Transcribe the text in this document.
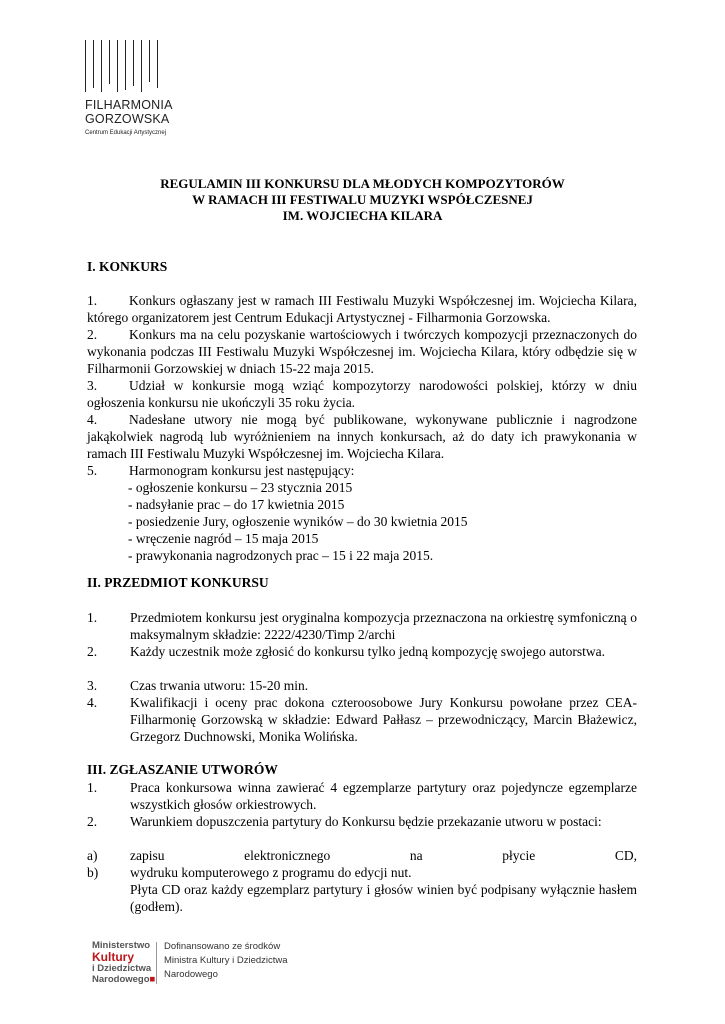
FILHARMONIA
GORZOWSKA
Centrum Edukacji Artystycznej
REGULAMIN III KONKURSU DLA MŁODYCH KOMPOZYTORÓW
W RAMACH III FESTIWALU MUZYKI WSPÓŁCZESNEJ
IM. WOJCIECHA KILARA
I. KONKURS
1. Konkurs ogłaszany jest w ramach III Festiwalu Muzyki Współczesnej im. Wojciecha Kilara, którego organizatorem jest Centrum Edukacji Artystycznej - Filharmonia Gorzowska.
2. Konkurs ma na celu pozyskanie wartościowych i twórczych kompozycji przeznaczonych do wykonania podczas III Festiwalu Muzyki Współczesnej im. Wojciecha Kilara, który odbędzie się w Filharmonii Gorzowskiej w dniach 15-22 maja 2015.
3. Udział w konkursie mogą wziąć kompozytorzy narodowości polskiej, którzy w dniu ogłoszenia konkursu nie ukończyli 35 roku życia.
4. Nadesłane utwory nie mogą być publikowane, wykonywane publicznie i nagrodzone jakąkolwiek nagrodą lub wyróżnieniem na innych konkursach, aż do daty ich prawykonania w ramach III Festiwalu Muzyki Współczesnej im. Wojciecha Kilara.
5. Harmonogram konkursu jest następujący:
- ogłoszenie konkursu – 23 stycznia 2015
- nadsyłanie prac – do 17 kwietnia 2015
- posiedzenie Jury, ogłoszenie wyników – do 30 kwietnia 2015
- wręczenie nagród – 15 maja 2015
- prawykonania nagrodzonych prac – 15 i 22 maja 2015.
II. PRZEDMIOT KONKURSU
1. Przedmiotem konkursu jest oryginalna kompozycja przeznaczona na orkiestrę symfoniczną o maksymalnym składzie: 2222/4230/Timp 2/archi
2. Każdy uczestnik może zgłosić do konkursu tylko jedną kompozycję swojego autorstwa.
3. Czas trwania utworu: 15-20 min.
4. Kwalifikacji i oceny prac dokona czteroosobowe Jury Konkursu powołane przez CEA-Filharmonię Gorzowską w składzie: Edward Pałłasz – przewodniczący, Marcin Błażewicz, Grzegorz Duchnowski, Monika Wolińska.
III. ZGŁASZANIE UTWORÓW
1. Praca konkursowa winna zawierać 4 egzemplarze partytury oraz pojedyncze egzemplarze wszystkich głosów orkiestrowych.
2. Warunkiem dopuszczenia partytury do Konkursu będzie przekazanie utworu w postaci:
a) zapisu elektronicznego na płycie CD,
b) wydruku komputerowego z programu do edycji nut.
Płyta CD oraz każdy egzemplarz partytury i głosów winien być podpisany wyłącznie hasłem (godłem).
Ministerstwo
Kultury
i Dziedzictwa
Narodowego■
Dofinansowano ze środków
Ministra Kultury i Dziedzictwa
Narodowego
